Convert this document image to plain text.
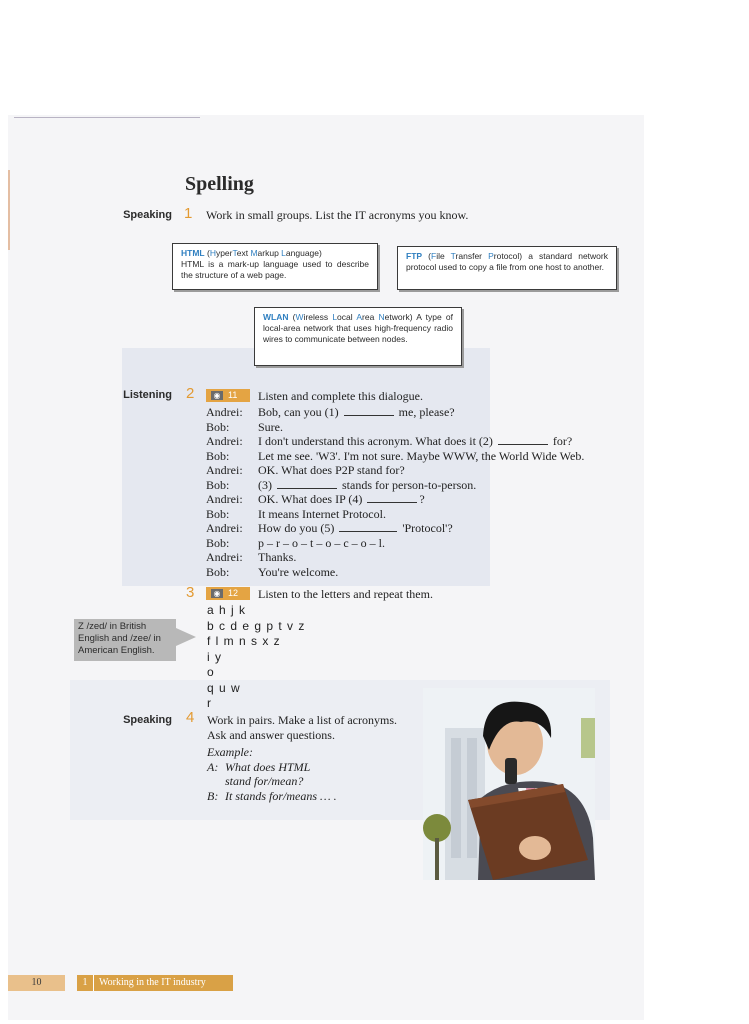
Spelling
Speaking 1 Work in small groups. List the IT acronyms you know.
HTML (HyperText Markup Language)
HTML is a mark-up language used to describe the structure of a web page.
FTP (File Transfer Protocol) a standard network protocol used to copy a file from one host to another.
WLAN (Wireless Local Area Network) A type of local-area network that uses high-frequency radio wires to communicate between nodes.
Listening 2	◉ 11	Listen and complete this dialogue.
Andrei: Bob, can you (1)	me, please?
Bob: Sure.
Andrei: I don't understand this acronym. What does it (2)	for?
Bob: Let me see. 'W3'. I'm not sure. Maybe WWW, the World Wide Web.
Andrei: OK. What does P2P stand for?
Bob: (3)	stands for person-to-person.
Andrei: OK. What does IP (4)	?
Bob: It means Internet Protocol.
Andrei: How do you (5)	'Protocol'?
Bob: p – r – o – t – o – c – o – l.
Andrei: Thanks.
Bob: You're welcome.
3	◉ 12	Listen to the letters and repeat them.
a h j k
b c d e g p t v z
f l m n s x z
i y
o
q u w
r
Z /zed/ in British English and /zee/ in American English.
Speaking 4 Work in pairs. Make a list of acronyms.
Ask and answer questions.
Example:
A: What does HTML
stand for/mean?
B: It stands for/means … .
10	1 Working in the IT industry
